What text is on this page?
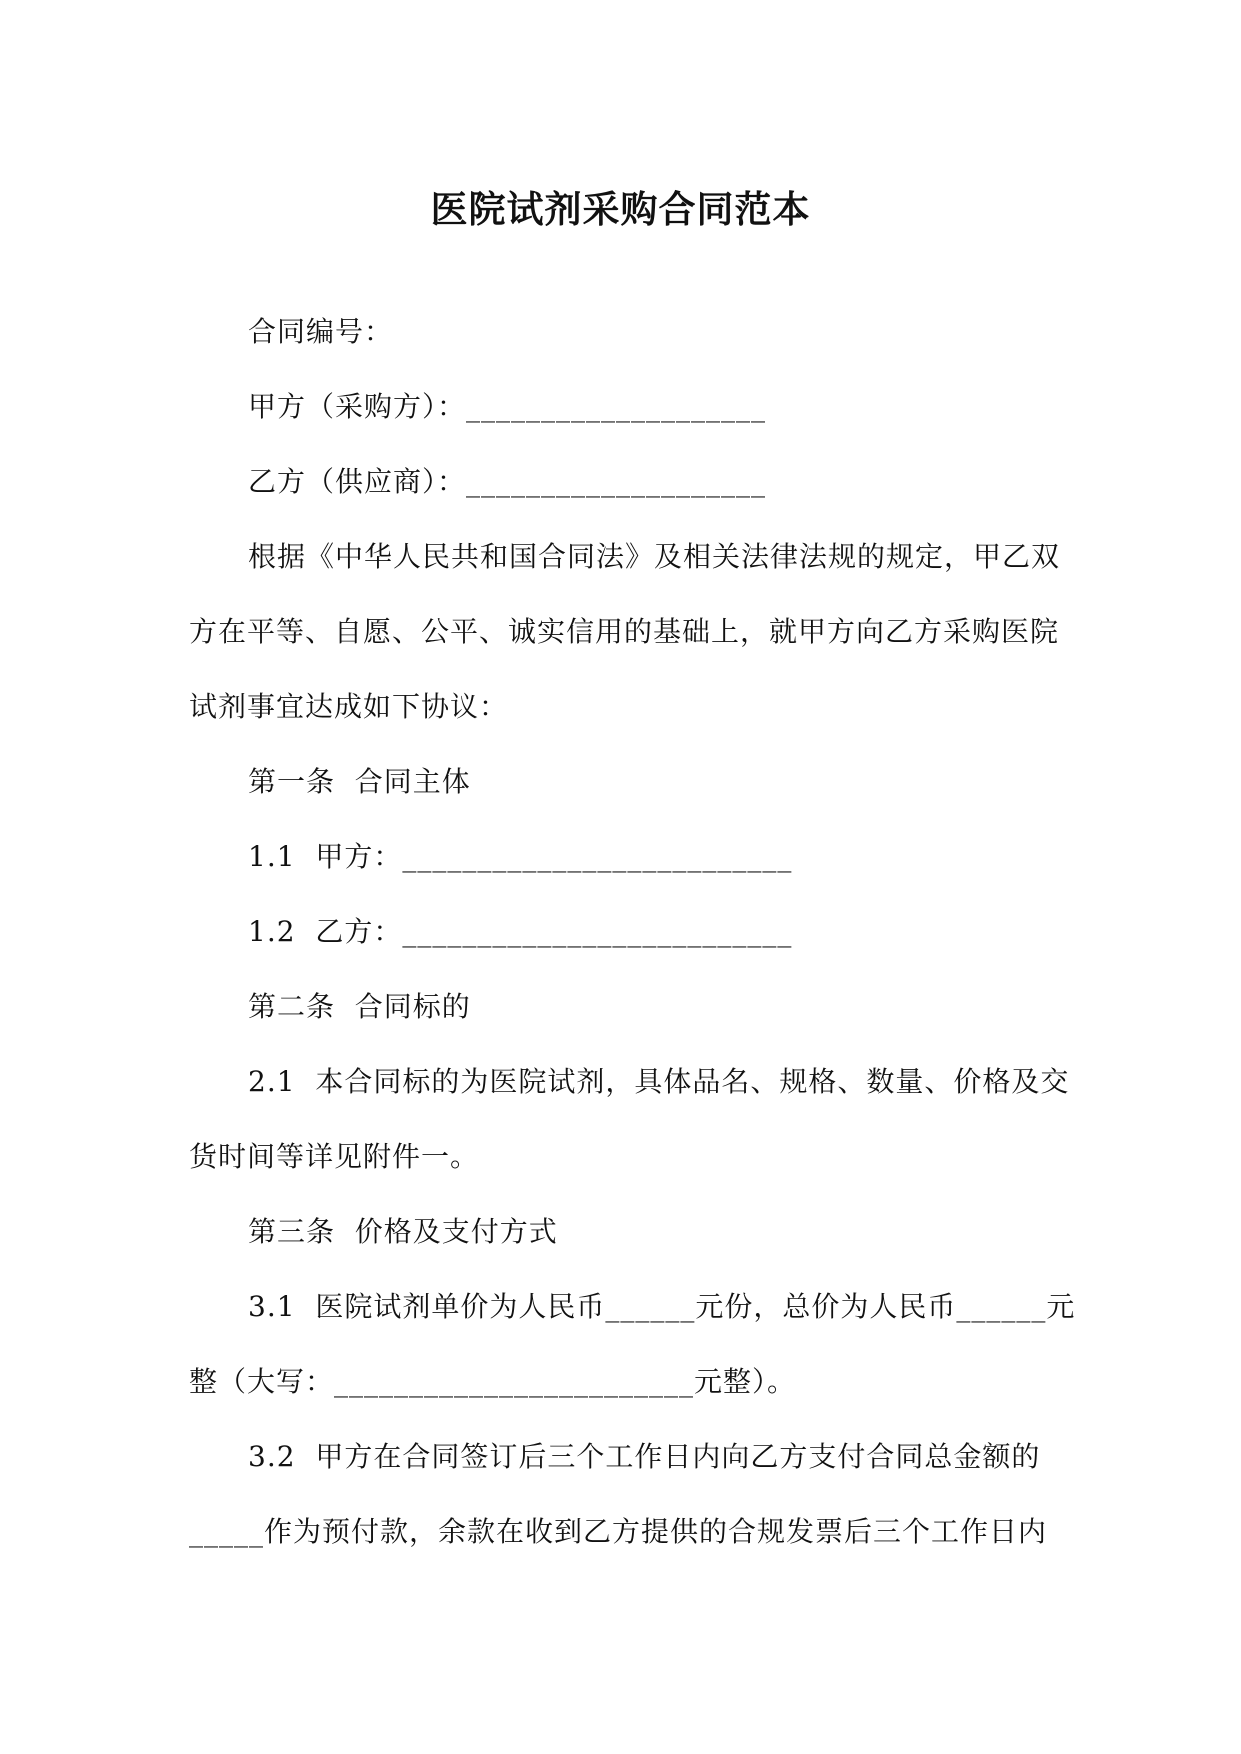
医院试剂采购合同范本
合同编号：
甲方（采购方）：____________________
乙方（供应商）：____________________
根据《中华人民共和国合同法》及相关法律法规的规定，甲乙双
方在平等、自愿、公平、诚实信用的基础上，就甲方向乙方采购医院
试剂事宜达成如下协议：
第一条  合同主体
1.1  甲方：__________________________
1.2  乙方：__________________________
第二条  合同标的
2.1  本合同标的为医院试剂，具体品名、规格、数量、价格及交
货时间等详见附件一。
第三条  价格及支付方式
3.1  医院试剂单价为人民币______元份，总价为人民币______元
整（大写：________________________元整）。
3.2  甲方在合同签订后三个工作日内向乙方支付合同总金额的
_____作为预付款，余款在收到乙方提供的合规发票后三个工作日内
